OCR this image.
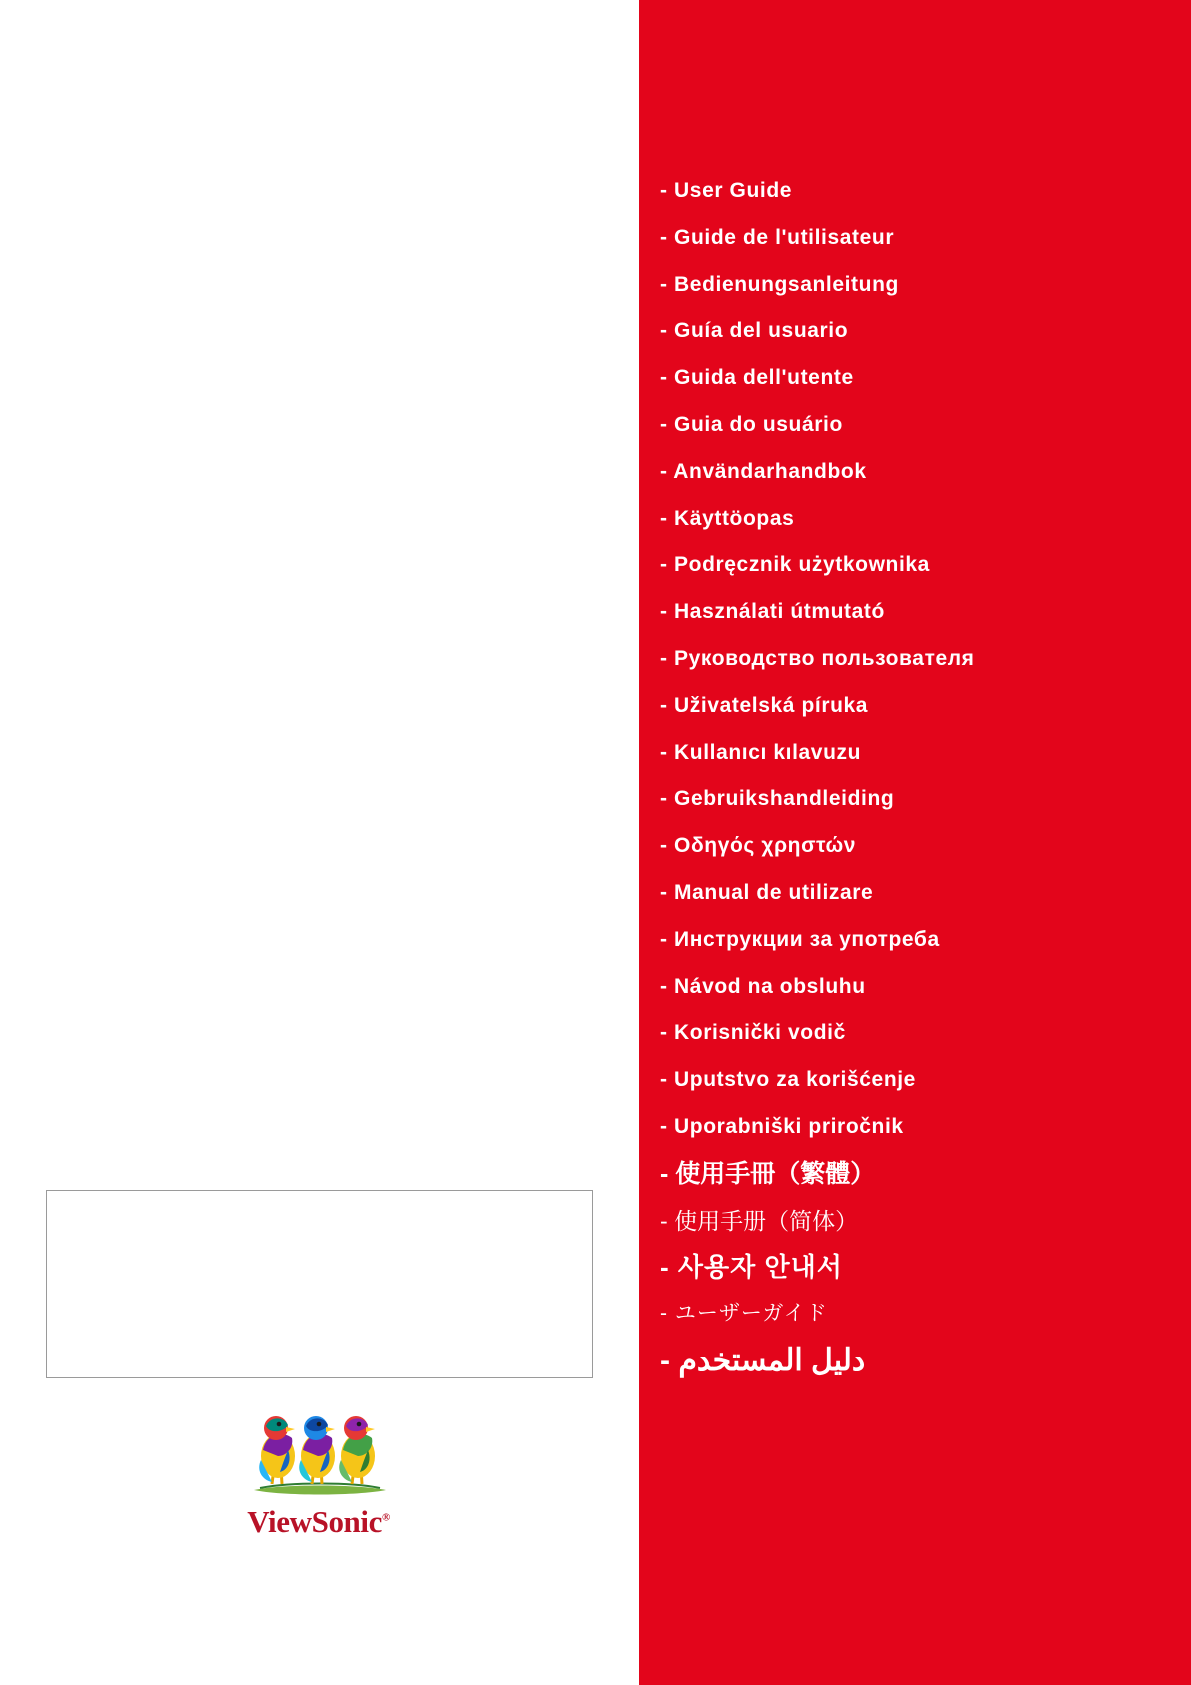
- User Guide
- Guide de l'utilisateur
- Bedienungsanleitung
- Guía del usuario
- Guida dell'utente
- Guia do usuário
- Användarhandbok
- Käyttöopas
- Podręcznik użytkownika
- Használati útmutató
- Руководство пользователя
- Uživatelská píruka
- Kullanıcı kılavuzu
- Gebruikshandleiding
- Οδηγός χρηστών
- Manual de utilizare
- Инструкции за употреба
- Návod na obsluhu
- Korisnički vodič
- Uputstvo za korišćenje
- Uporabniški priročnik
- 使用手冊（繁體）
- 使用手册（简体）
- 사용자 안내서
- ユーザーガイド
دليل المستخدم -
ViewSonic®
